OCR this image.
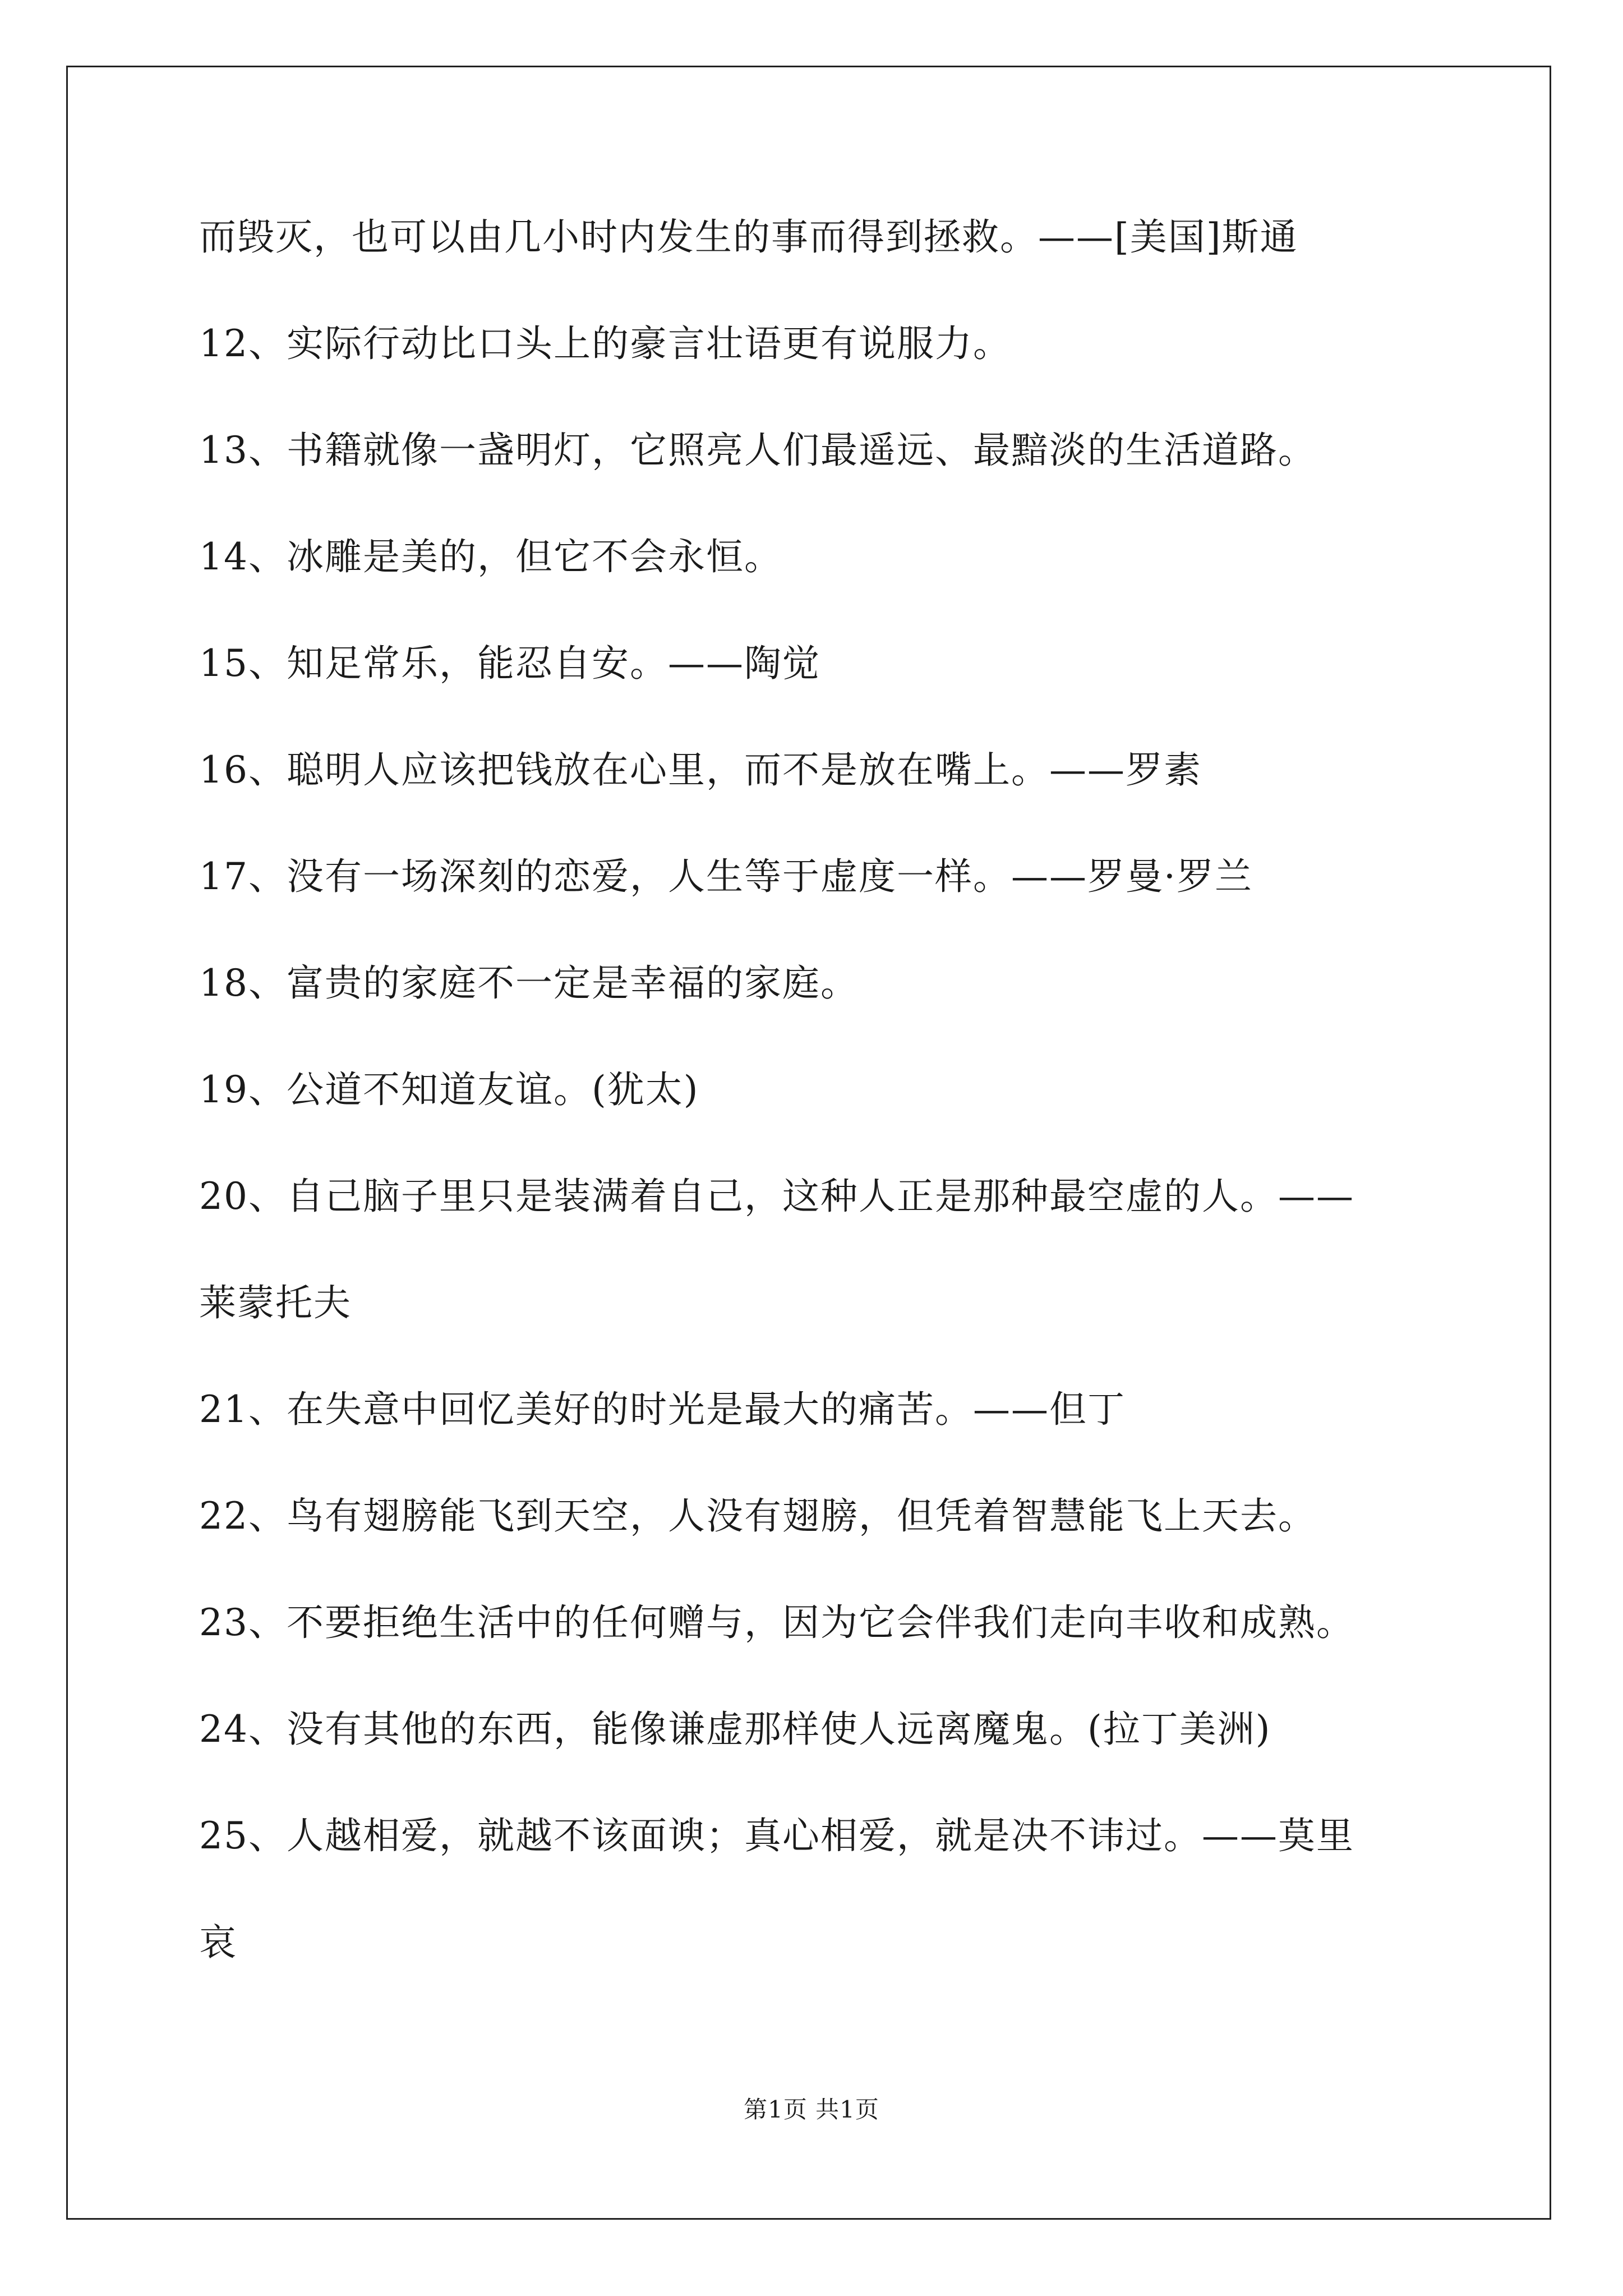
而毁灭，也可以由几小时内发生的事而得到拯救。——[美国]斯通
12、实际行动比口头上的豪言壮语更有说服力。
13、书籍就像一盏明灯，它照亮人们最遥远、最黯淡的生活道路。
14、冰雕是美的，但它不会永恒。
15、知足常乐，能忍自安。——陶觉
16、聪明人应该把钱放在心里，而不是放在嘴上。——罗素
17、没有一场深刻的恋爱，人生等于虚度一样。——罗曼·罗兰
18、富贵的家庭不一定是幸福的家庭。
19、公道不知道友谊。(犹太)
20、自己脑子里只是装满着自己，这种人正是那种最空虚的人。——
莱蒙托夫
21、在失意中回忆美好的时光是最大的痛苦。——但丁
22、鸟有翅膀能飞到天空，人没有翅膀，但凭着智慧能飞上天去。
23、不要拒绝生活中的任何赠与，因为它会伴我们走向丰收和成熟。
24、没有其他的东西，能像谦虚那样使人远离魔鬼。(拉丁美洲)
25、人越相爱，就越不该面谀；真心相爱，就是决不讳过。——莫里
哀
第1页 共1页
